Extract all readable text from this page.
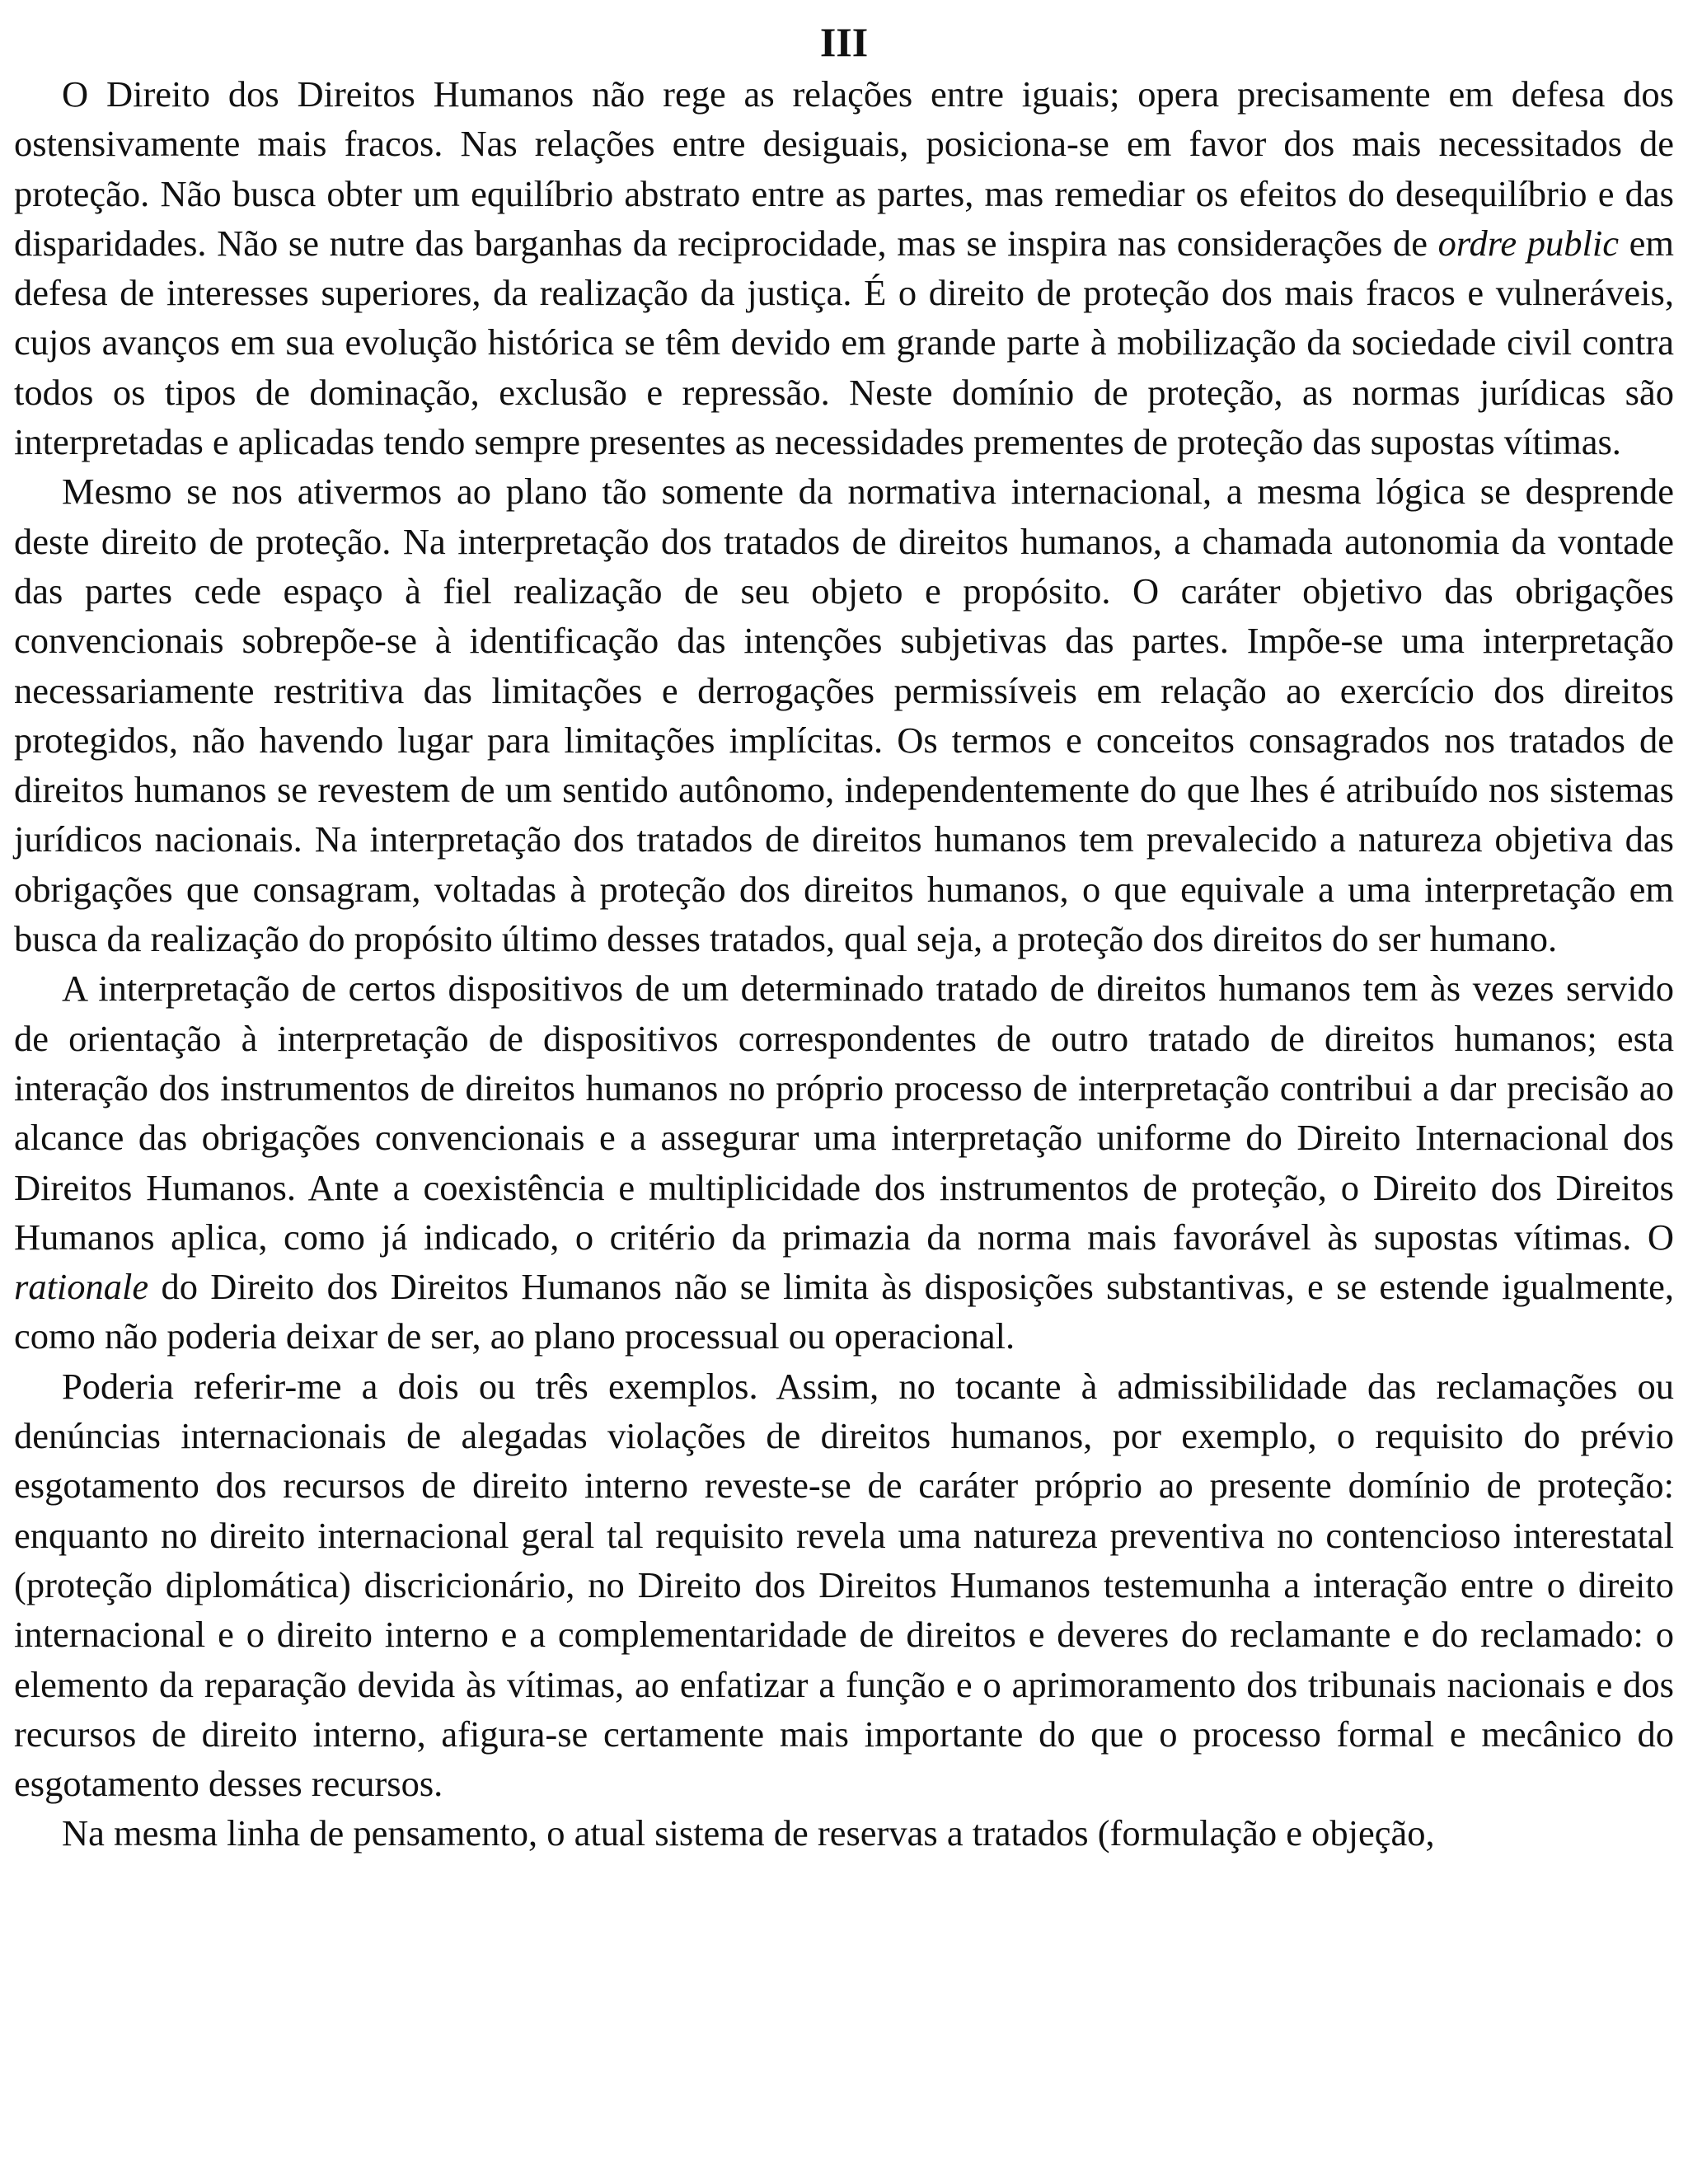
III

O Direito dos Direitos Humanos não rege as relações entre iguais; opera precisamente em defesa dos ostensivamente mais fracos. Nas relações entre desiguais, posiciona-se em favor dos mais necessitados de proteção. Não busca obter um equilíbrio abstrato entre as partes, mas remediar os efeitos do desequilíbrio e das disparidades. Não se nutre das barganhas da reciprocidade, mas se inspira nas considerações de ordre public em defesa de interesses superiores, da realização da justiça. É o direito de proteção dos mais fracos e vulneráveis, cujos avanços em sua evolução histórica se têm devido em grande parte à mobilização da sociedade civil contra todos os tipos de dominação, exclusão e repressão. Neste domínio de proteção, as normas jurídicas são interpretadas e aplicadas tendo sempre presentes as necessidades prementes de proteção das supostas vítimas.

Mesmo se nos ativermos ao plano tão somente da normativa internacional, a mesma lógica se desprende deste direito de proteção. Na interpretação dos tratados de direitos humanos, a chamada autonomia da vontade das partes cede espaço à fiel realização de seu objeto e propósito. O caráter objetivo das obrigações convencionais sobrepõe-se à identificação das intenções subjetivas das partes. Impõe-se uma interpretação necessariamente restritiva das limitações e derrogações permissíveis em relação ao exercício dos direitos protegidos, não havendo lugar para limitações implícitas. Os termos e conceitos consagrados nos tratados de direitos humanos se revestem de um sentido autônomo, independentemente do que lhes é atribuído nos sistemas jurídicos nacionais. Na interpretação dos tratados de direitos humanos tem prevalecido a natureza objetiva das obrigações que consagram, voltadas à proteção dos direitos humanos, o que equivale a uma interpretação em busca da realização do propósito último desses tratados, qual seja, a proteção dos direitos do ser humano.

A interpretação de certos dispositivos de um determinado tratado de direitos humanos tem às vezes servido de orientação à interpretação de dispositivos correspondentes de outro tratado de direitos humanos; esta interação dos instrumentos de direitos humanos no próprio processo de interpretação contribui a dar precisão ao alcance das obrigações convencionais e a assegurar uma interpretação uniforme do Direito Internacional dos Direitos Humanos. Ante a coexistência e multiplicidade dos instrumentos de proteção, o Direito dos Direitos Humanos aplica, como já indicado, o critério da primazia da norma mais favorável às supostas vítimas. O rationale do Direito dos Direitos Humanos não se limita às disposições substantivas, e se estende igualmente, como não poderia deixar de ser, ao plano processual ou operacional.

Poderia referir-me a dois ou três exemplos. Assim, no tocante à admissibilidade das reclamações ou denúncias internacionais de alegadas violações de direitos humanos, por exemplo, o requisito do prévio esgotamento dos recursos de direito interno reveste-se de caráter próprio ao presente domínio de proteção: enquanto no direito internacional geral tal requisito revela uma natureza preventiva no contencioso interestatal (proteção diplomática) discricionário, no Direito dos Direitos Humanos testemunha a interação entre o direito internacional e o direito interno e a complementaridade de direitos e deveres do reclamante e do reclamado: o elemento da reparação devida às vítimas, ao enfatizar a função e o aprimoramento dos tribunais nacionais e dos recursos de direito interno, afigura-se certamente mais importante do que o processo formal e mecânico do esgotamento desses recursos.

Na mesma linha de pensamento, o atual sistema de reservas a tratados (formulação e objeção,
